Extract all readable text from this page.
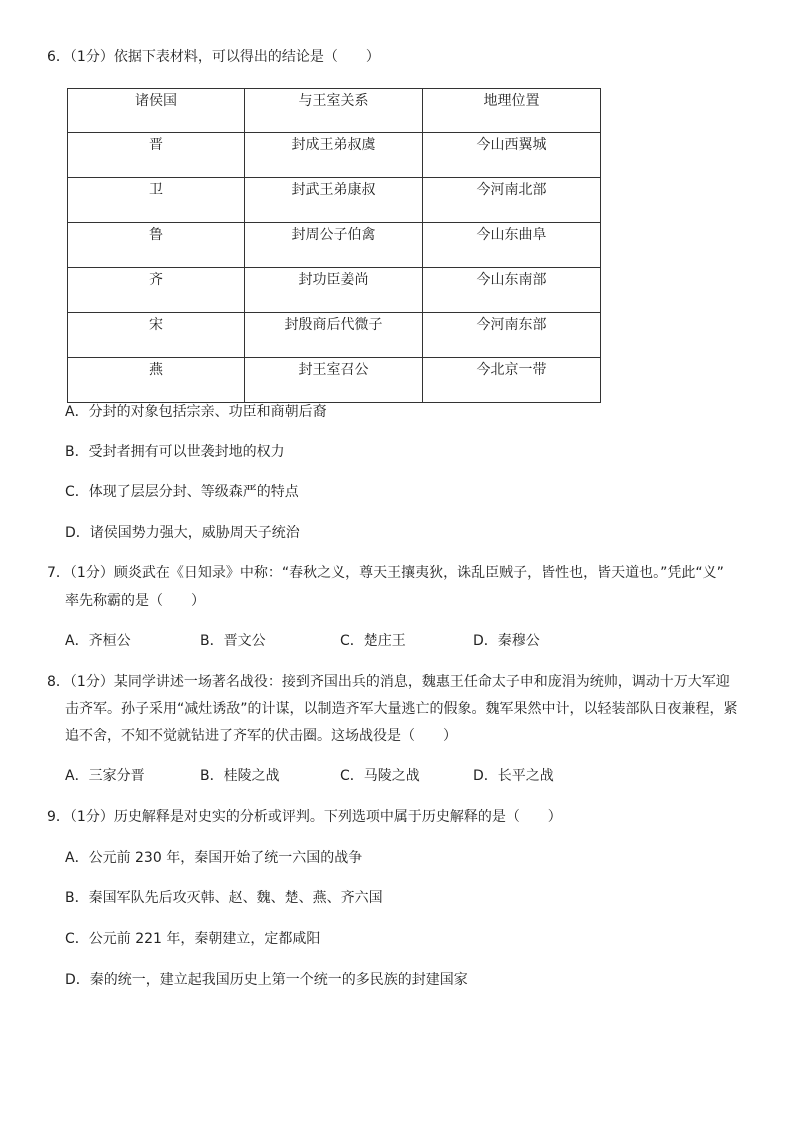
6．（1分）依据下表材料，可以得出的结论是（　　）
诸侯国	与王室关系	地理位置

晋	封成王弟叔虞	今山西翼城

卫	封武王弟康叔	今河南北部

鲁	封周公子伯禽	今山东曲阜

齐	封功臣姜尚	今山东南部

宋	封殷商后代微子	今河南东部

燕	封王室召公	今北京一带
A．分封的对象包括宗亲、功臣和商朝后裔
B．受封者拥有可以世袭封地的权力
C．体现了层层分封、等级森严的特点
D．诸侯国势力强大，威胁周天子统治
7．（1分）顾炎武在《日知录》中称：“春秋之义，尊天王攘夷狄，诛乱臣贼子，皆性也，皆天道也。”凭此“义”
率先称霸的是（　　）
A．齐桓公	B．晋文公	C．楚庄王	D．秦穆公
8．（1分）某同学讲述一场著名战役：接到齐国出兵的消息，魏惠王任命太子申和庞涓为统帅，调动十万大军迎
击齐军。孙子采用“减灶诱敌”的计谋，以制造齐军大量逃亡的假象。魏军果然中计，以轻装部队日夜兼程，紧
追不舍，不知不觉就钻进了齐军的伏击圈。这场战役是（　　）
A．三家分晋	B．桂陵之战	C．马陵之战	D．长平之战
9．（1分）历史解释是对史实的分析或评判。下列选项中属于历史解释的是（　　）
A．公元前 230 年，秦国开始了统一六国的战争
B．秦国军队先后攻灭韩、赵、魏、楚、燕、齐六国
C．公元前 221 年，秦朝建立，定都咸阳
D．秦的统一，建立起我国历史上第一个统一的多民族的封建国家
